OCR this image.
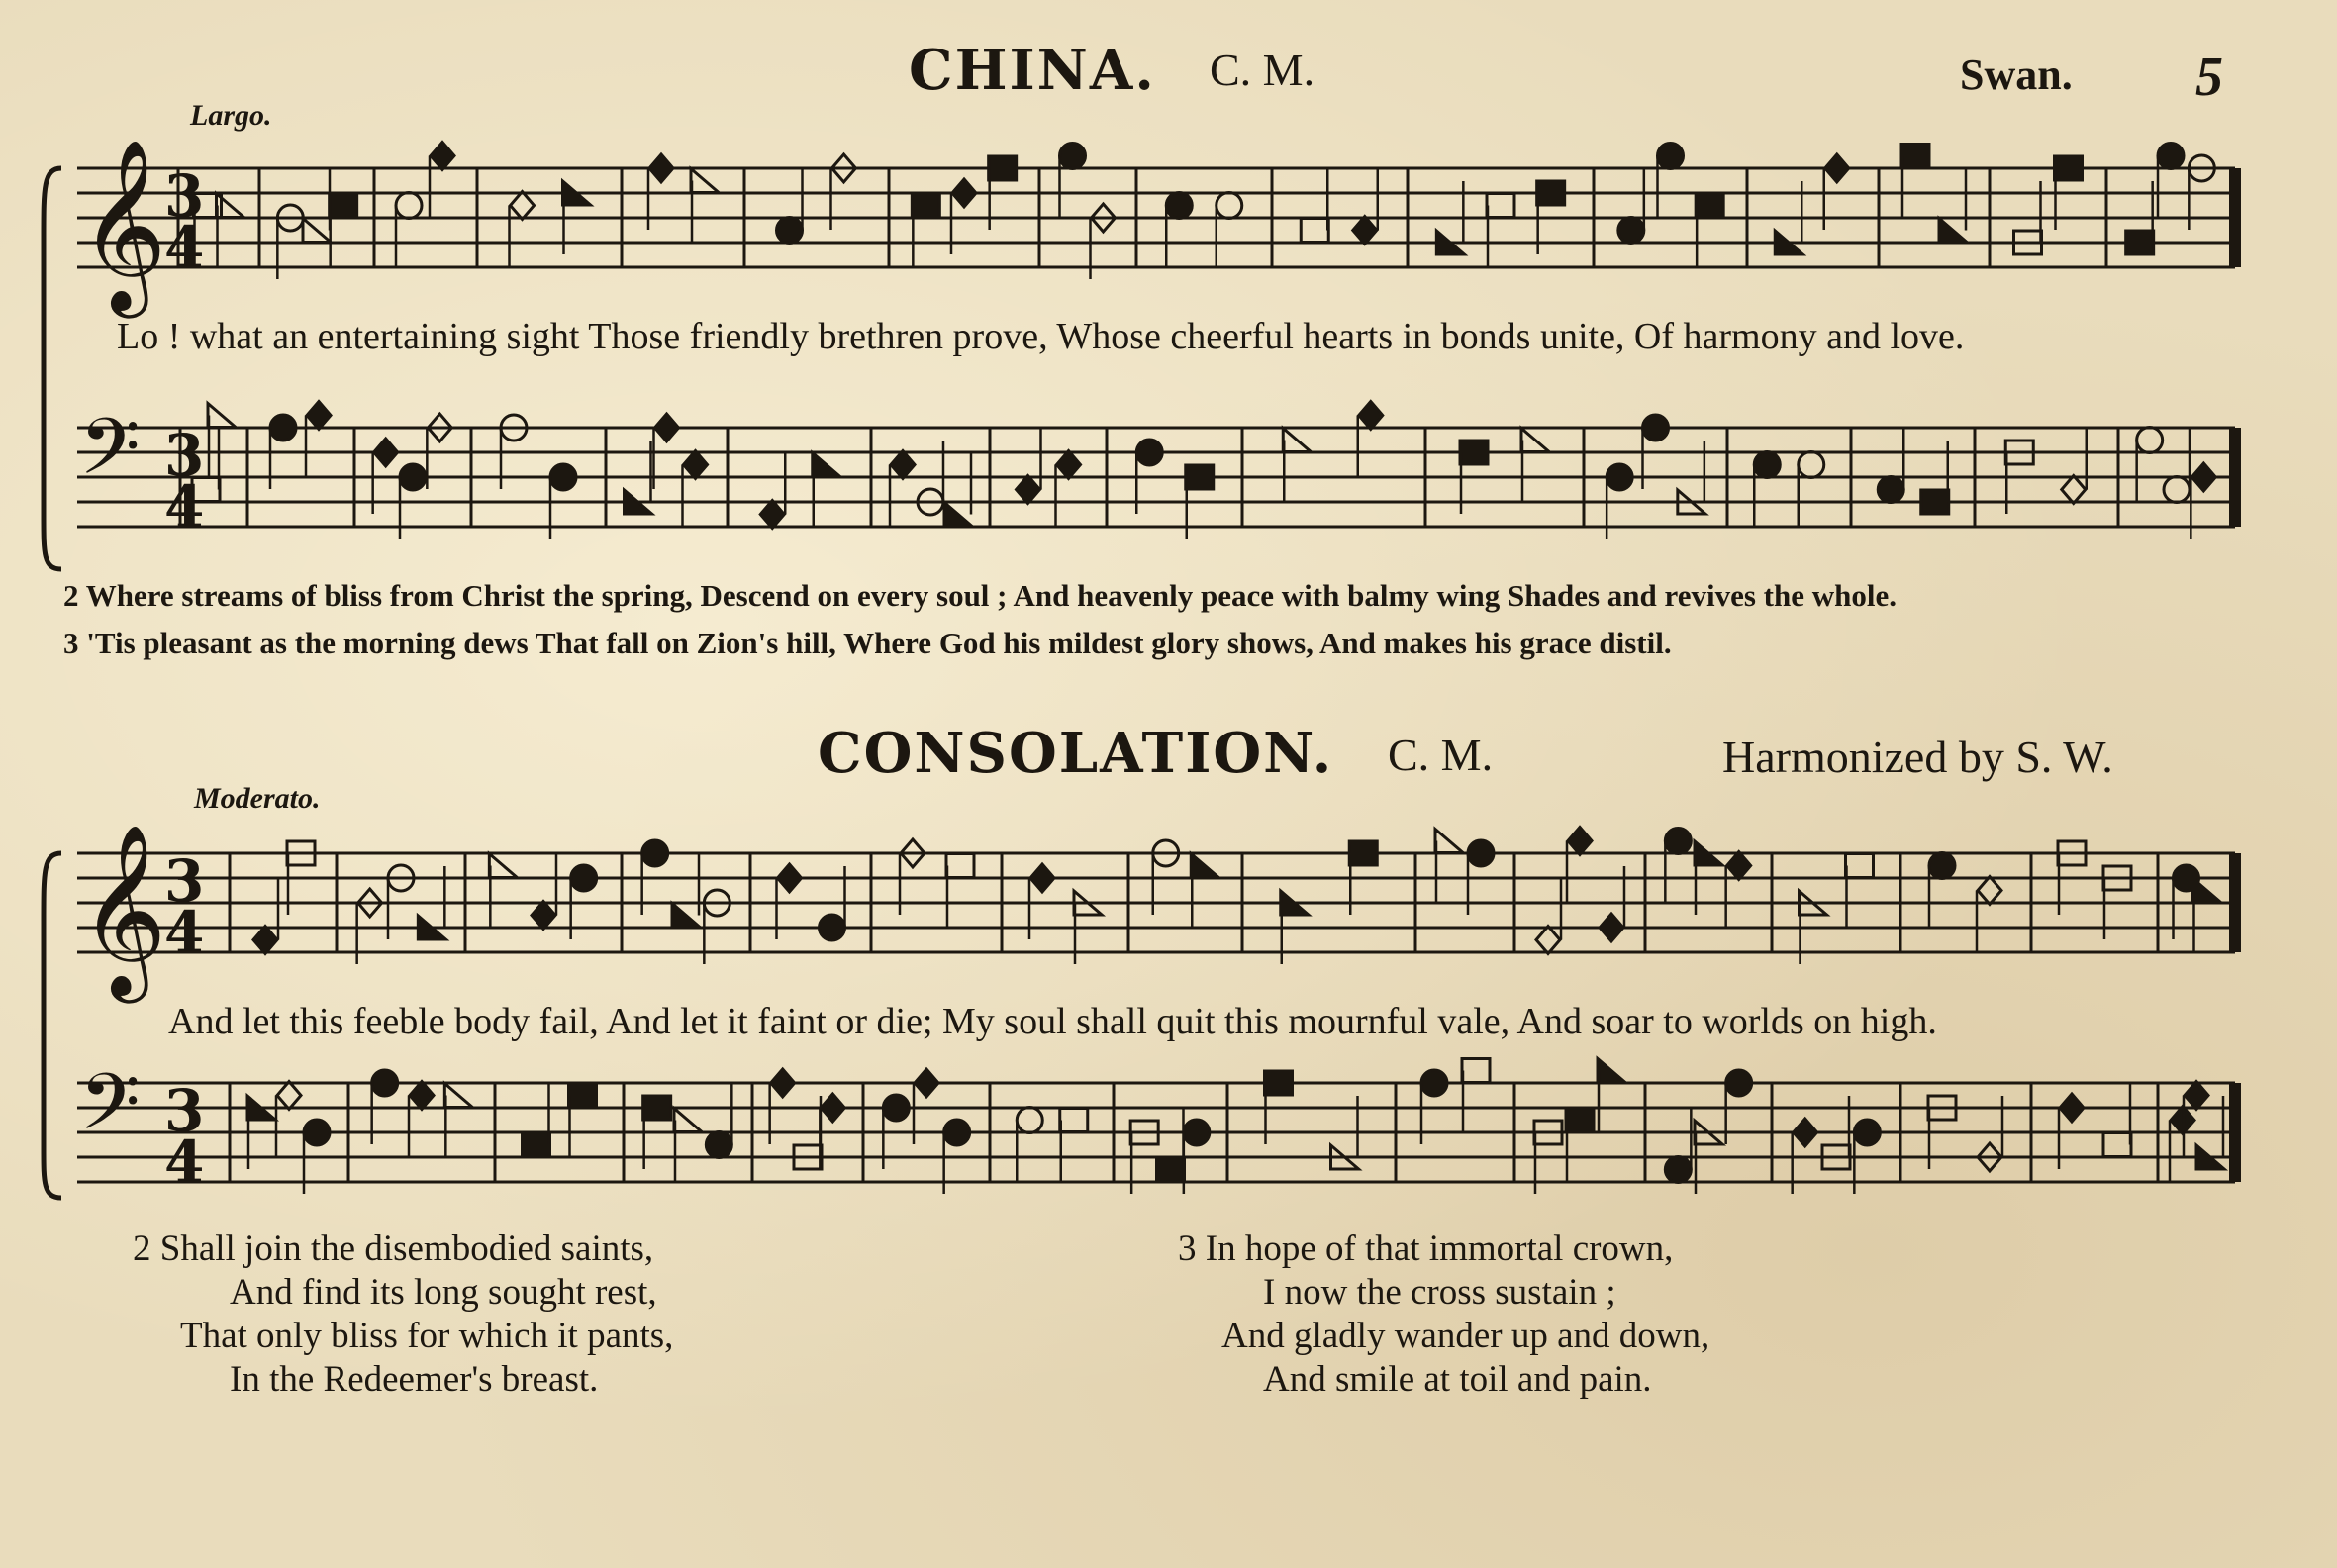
CHINA. C. M.	Swan. 5
Largo.
𝄞
3
4
𝄢 3
4
𝄞
3
4
𝄢 3
4
Lo ! what an entertaining sight Those friendly brethren prove, Whose cheerful hearts in bonds unite, Of harmony and love.
2 Where streams of bliss from Christ the spring, Descend on every soul ; And heavenly peace with balmy wing Shades and revives the whole.
3 'Tis pleasant as the morning dews That fall on Zion's hill, Where God his mildest glory shows, And makes his grace distil.
CONSOLATION. C. M.	Harmonized by S. W.
Moderato.
And let this feeble body fail, And let it faint or die; My soul shall quit this mournful vale, And soar to worlds on high.
2 Shall join the disembodied saints,
And find its long sought rest,
That only bliss for which it pants,
In the Redeemer's breast.
3 In hope of that immortal crown,
I now the cross sustain ;
And gladly wander up and down,
And smile at toil and pain.
